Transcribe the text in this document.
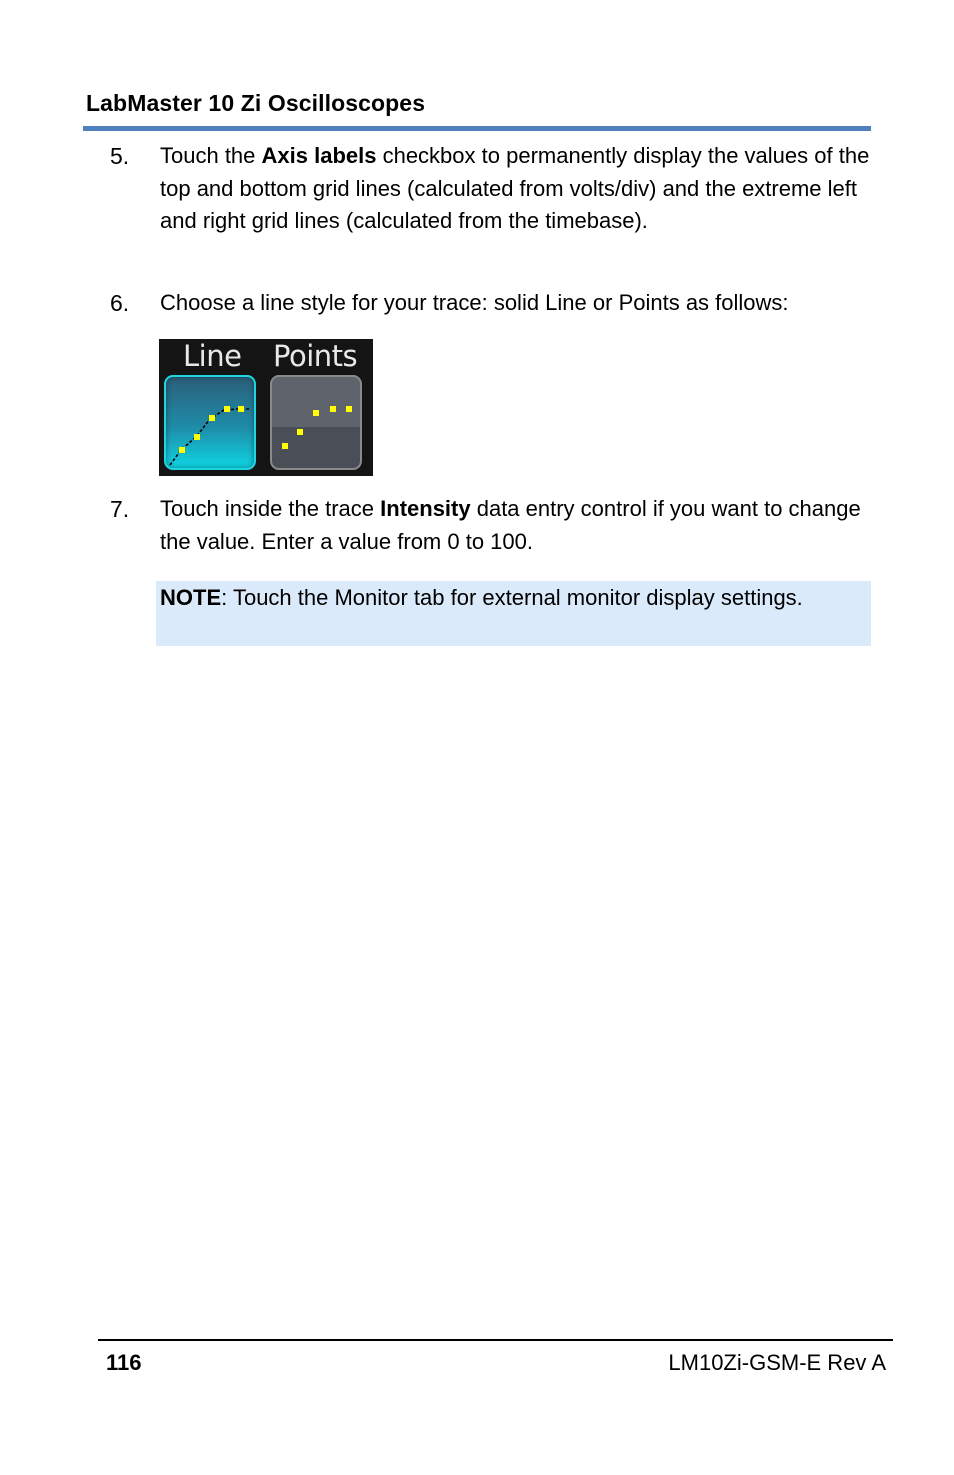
LabMaster 10 Zi Oscilloscopes
5.	Touch the Axis labels checkbox to permanently display the values of the top and bottom grid lines (calculated from volts/div) and the extreme left and right grid lines (calculated from the timebase).
6.	Choose a line style for your trace: solid Line or Points as follows:
Line Points
7.	Touch inside the trace Intensity data entry control if you want to change the value. Enter a value from 0 to 100.
NOTE: Touch the Monitor tab for external monitor display settings.
116	LM10Zi-GSM-E Rev A
